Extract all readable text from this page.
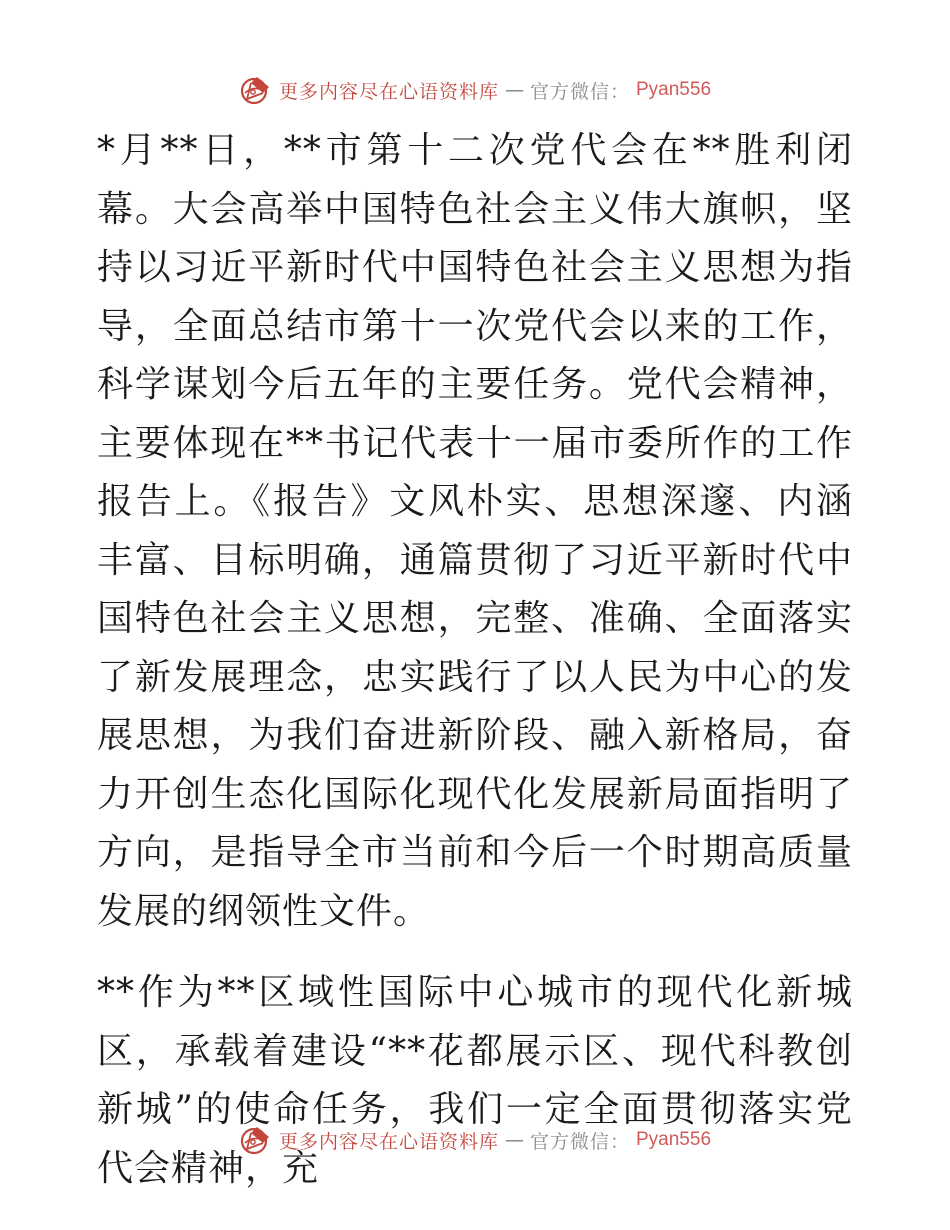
更多内容尽在心语资料库 — 官方微信： Pyan556

*月**日，**市第十二次党代会在**胜利闭幕。大会高举中国特色社会主义伟大旗帜，坚持以习近平新时代中国特色社会主义思想为指导，全面总结市第十一次党代会以来的工作，科学谋划今后五年的主要任务。党代会精神，主要体现在**书记代表十一届市委所作的工作报告上。《报告》文风朴实、思想深邃、内涵丰富、目标明确，通篇贯彻了习近平新时代中国特色社会主义思想，完整、准确、全面落实了新发展理念，忠实践行了以人民为中心的发展思想，为我们奋进新阶段、融入新格局，奋力开创生态化国际化现代化发展新局面指明了方向，是指导全市当前和今后一个时期高质量发展的纲领性文件。

**作为**区域性国际中心城市的现代化新城区，承载着建设“**花都展示区、现代科教创新城”的使命任务，我们一定全面贯彻落实党代会精神，充

更多内容尽在心语资料库 — 官方微信： Pyan556
